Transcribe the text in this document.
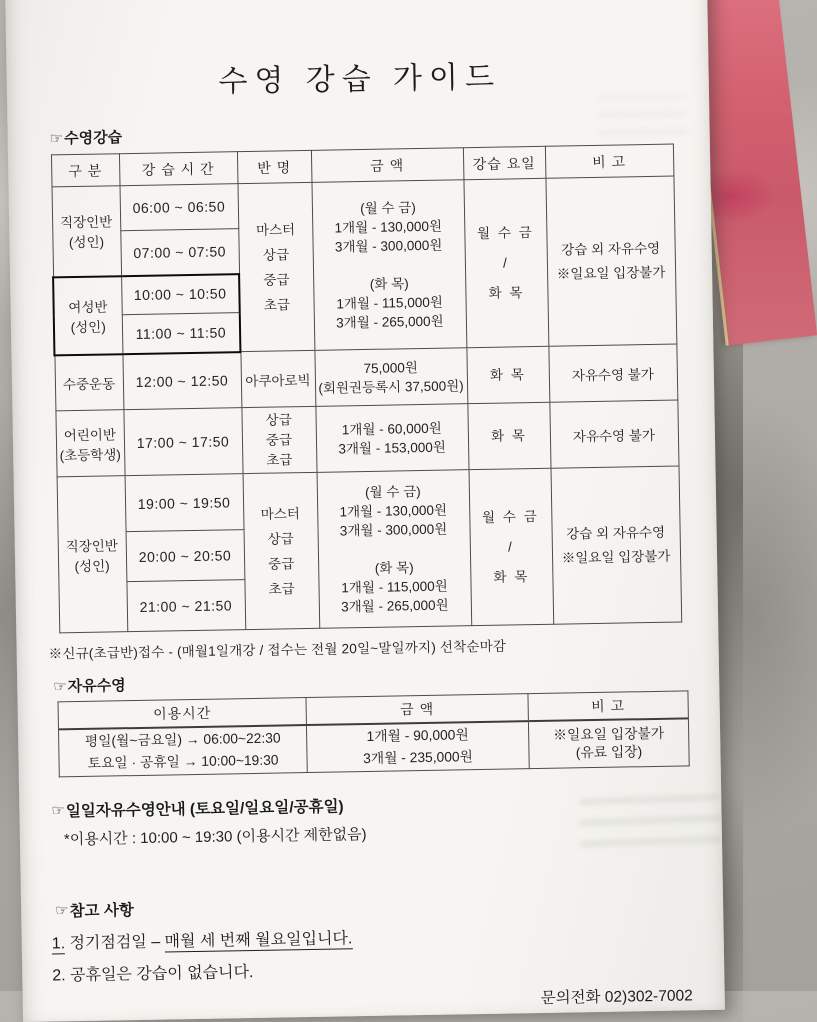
수영 강습 가이드
☞ 수영강습
구 분	강 습 시 간	반 명	금 액	강습 요일	비 고
직장인반
(성인)	06:00 ~ 06:50	마스터
상급
중급
초급	(월 수 금)
1개월 - 130,000원
3개월 - 300,000원

(화 목)
1개월 - 115,000원
3개월 - 265,000원	월 수 금
/
화 목	강습 외 자유수영
※일요일 입장불가
	07:00 ~ 07:50				
여성반
(성인)	10:00 ~ 10:50				
	11:00 ~ 11:50				
수중운동	12:00 ~ 12:50	아쿠아로빅	75,000원
(회원권등록시 37,500원)	화 목	자유수영 불가
어린이반
(초등학생)	17:00 ~ 17:50	상급
중급
초급	1개월 - 60,000원
3개월 - 153,000원	화 목	자유수영 불가
직장인반
(성인)	19:00 ~ 19:50	마스터
상급
중급
초급	(월 수 금)
1개월 - 130,000원
3개월 - 300,000원

(화 목)
1개월 - 115,000원
3개월 - 265,000원	월 수 금
/
화 목	강습 외 자유수영
※일요일 입장불가
	20:00 ~ 20:50				
	21:00 ~ 21:50				
※신규(초급반)접수 - (매월1일개강 / 접수는 전월 20일~말일까지) 선착순마감
☞ 자유수영
이용시간	금 액	비 고
평일(월~금요일) → 06:00~22:30
토요일 · 공휴일 → 10:00~19:30	1개월 - 90,000원
3개월 - 235,000원	※일요일 입장불가
(유료 입장)
☞ 일일자유수영안내 (토요일/일요일/공휴일)
*이용시간 : 10:00 ~ 19:30 (이용시간 제한없음)
☞ 참고 사항
1. 정기점검일 – 매월 세 번째 월요일입니다.
2. 공휴일은 강습이 없습니다.
문의전화 02)302-7002
